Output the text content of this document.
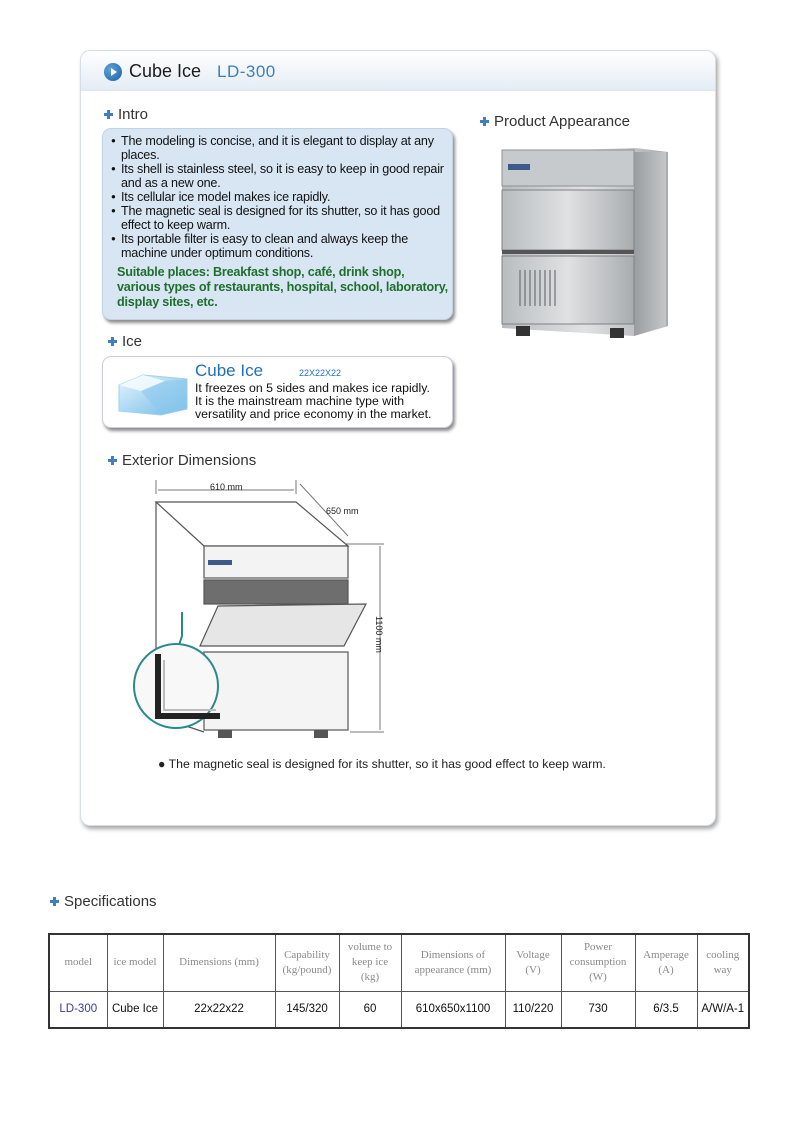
Cube Ice LD-300
Intro
● The modeling is concise, and it is elegant to display at any places.
● Its shell is stainless steel, so it is easy to keep in good repair and as a new one.
● Its cellular ice model makes ice rapidly.
● The magnetic seal is designed for its shutter, so it has good effect to keep warm.
● Its portable filter is easy to clean and always keep the machine under optimum conditions.
Suitable places: Breakfast shop, café, drink shop, various types of restaurants, hospital, school, laboratory, display sites, etc.
Ice
Cube Ice	22X22X22
It freezes on 5 sides and makes ice rapidly.
It is the mainstream machine type with
versatility and price economy in the market.
Product Appearance
Exterior Dimensions
610 mm
650 mm
1100 mm
● The magnetic seal is designed for its shutter, so it has good effect to keep warm.
Specifications
model	ice model	Dimensions (mm)	Capability (kg/pound)	volume to keep ice (kg)	Dimensions of appearance (mm)	Voltage (V)	Power consumption (W)	Amperage (A)	cooling way
LD-300	Cube Ice	22x22x22	145/320	60	610x650x1100	110/220	730	6/3.5	A/W/A-1
